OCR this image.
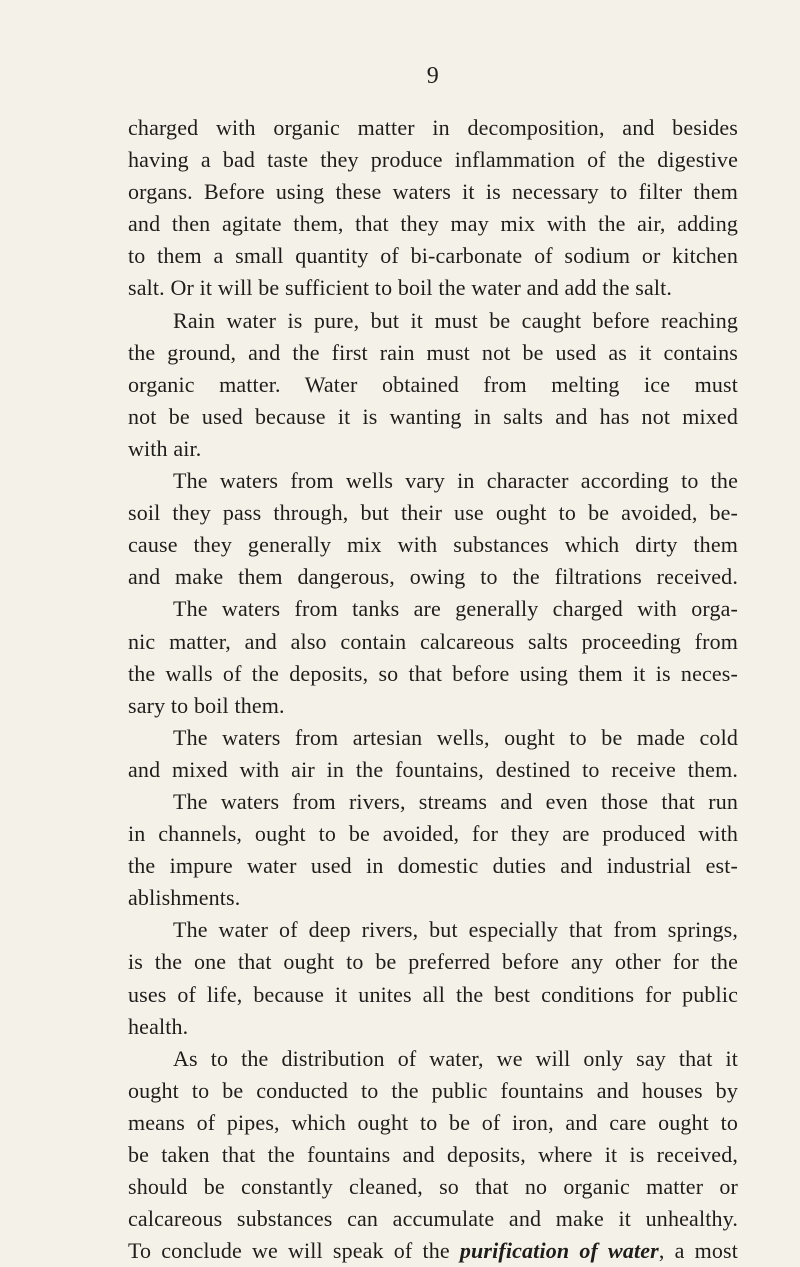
9
charged with organic matter in decomposition, and besides
having a bad taste they produce inflammation of the digestive
organs. Before using these waters it is necessary to filter them
and then agitate them, that they may mix with the air, adding
to them a small quantity of bi-carbonate of sodium or kitchen
salt. Or it will be sufficient to boil the water and add the salt.
Rain water is pure, but it must be caught before reaching
the ground, and the first rain must not be used as it contains
organic matter. Water obtained from melting ice must
not be used because it is wanting in salts and has not mixed
with air.
The waters from wells vary in character according to the
soil they pass through, but their use ought to be avoided, be-
cause they generally mix with substances which dirty them
and make them dangerous, owing to the filtrations received.
The waters from tanks are generally charged with orga-
nic matter, and also contain calcareous salts proceeding from
the walls of the deposits, so that before using them it is neces-
sary to boil them.
The waters from artesian wells, ought to be made cold
and mixed with air in the fountains, destined to receive them.
The waters from rivers, streams and even those that run
in channels, ought to be avoided, for they are produced with
the impure water used in domestic duties and industrial est-
ablishments.
The water of deep rivers, but especially that from springs,
is the one that ought to be preferred before any other for the
uses of life, because it unites all the best conditions for public
health.
As to the distribution of water, we will only say that it
ought to be conducted to the public fountains and houses by
means of pipes, which ought to be of iron, and care ought to
be taken that the fountains and deposits, where it is received,
should be constantly cleaned, so that no organic matter or
calcareous substances can accumulate and make it unhealthy.
To conclude we will speak of the purification of water, a most
